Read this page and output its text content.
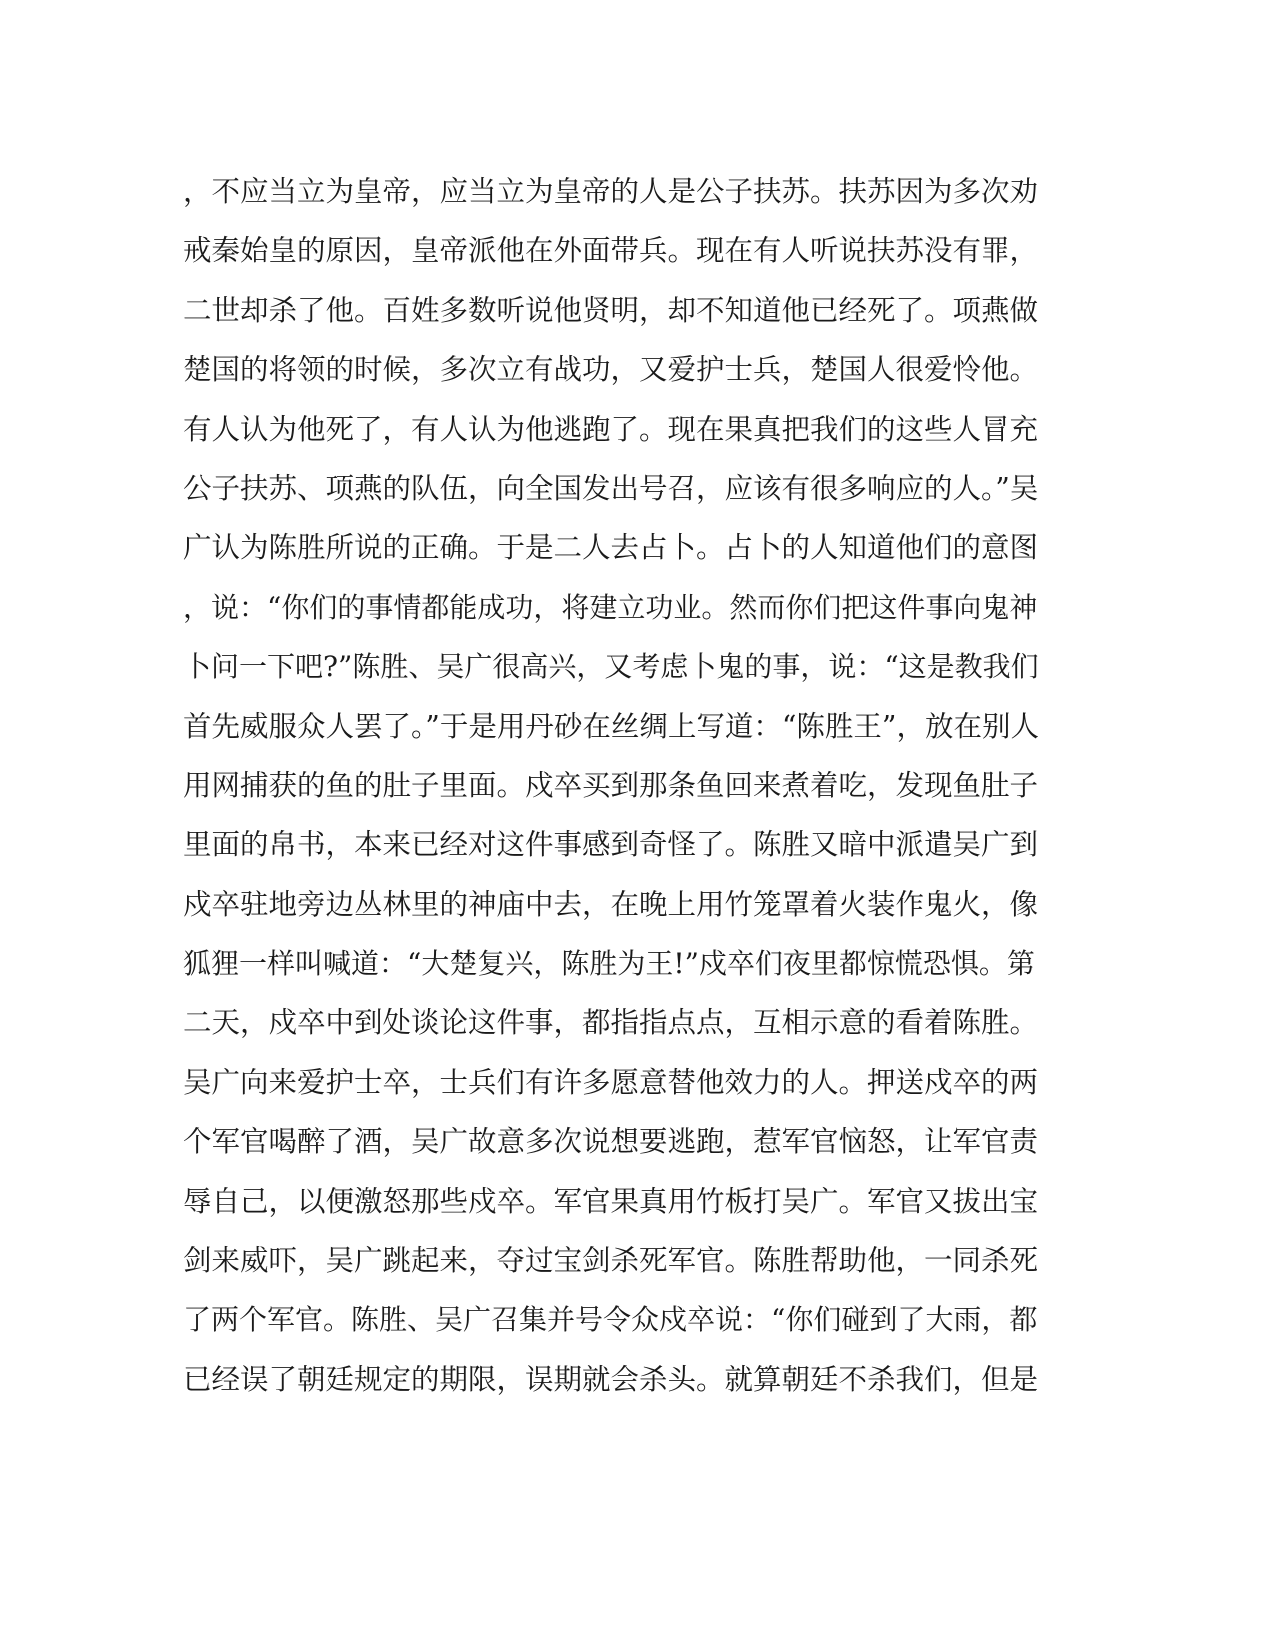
，不应当立为皇帝，应当立为皇帝的人是公子扶苏。扶苏因为多次劝
戒秦始皇的原因，皇帝派他在外面带兵。现在有人听说扶苏没有罪，
二世却杀了他。百姓多数听说他贤明，却不知道他已经死了。项燕做
楚国的将领的时候，多次立有战功，又爱护士兵，楚国人很爱怜他。
有人认为他死了，有人认为他逃跑了。现在果真把我们的这些人冒充
公子扶苏、项燕的队伍，向全国发出号召，应该有很多响应的人。”吴
广认为陈胜所说的正确。于是二人去占卜。占卜的人知道他们的意图
，说：“你们的事情都能成功，将建立功业。然而你们把这件事向鬼神
卜问一下吧?”陈胜、吴广很高兴，又考虑卜鬼的事，说：“这是教我们
首先威服众人罢了。”于是用丹砂在丝绸上写道：“陈胜王”，放在别人
用网捕获的鱼的肚子里面。戍卒买到那条鱼回来煮着吃，发现鱼肚子
里面的帛书，本来已经对这件事感到奇怪了。陈胜又暗中派遣吴广到
戍卒驻地旁边丛林里的神庙中去，在晚上用竹笼罩着火装作鬼火，像
狐狸一样叫喊道：“大楚复兴，陈胜为王!”戍卒们夜里都惊慌恐惧。第
二天，戍卒中到处谈论这件事，都指指点点，互相示意的看着陈胜。
吴广向来爱护士卒，士兵们有许多愿意替他效力的人。押送戍卒的两
个军官喝醉了酒，吴广故意多次说想要逃跑，惹军官恼怒，让军官责
辱自己，以便激怒那些戍卒。军官果真用竹板打吴广。军官又拔出宝
剑来威吓，吴广跳起来，夺过宝剑杀死军官。陈胜帮助他，一同杀死
了两个军官。陈胜、吴广召集并号令众戍卒说：“你们碰到了大雨，都
已经误了朝廷规定的期限，误期就会杀头。就算朝廷不杀我们，但是
